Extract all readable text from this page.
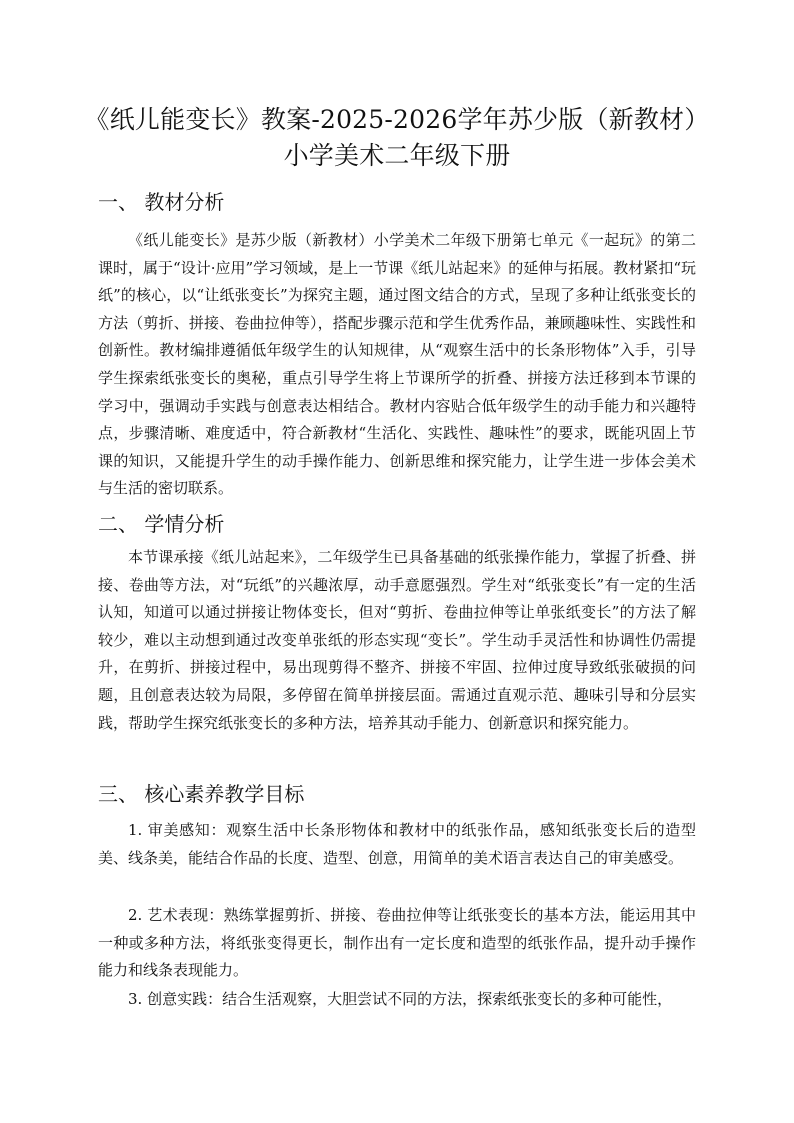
《纸儿能变长》教案-2025-2026学年苏少版（新教材）小学美术二年级下册
一、 教材分析

《纸儿能变长》是苏少版（新教材）小学美术二年级下册第七单元《一起玩》的第二课时，属于“设计·应用”学习领域，是上一节课《纸儿站起来》的延伸与拓展。教材紧扣“玩纸”的核心，以“让纸张变长”为探究主题，通过图文结合的方式，呈现了多种让纸张变长的方法（剪折、拼接、卷曲拉伸等），搭配步骤示范和学生优秀作品，兼顾趣味性、实践性和创新性。教材编排遵循低年级学生的认知规律，从“观察生活中的长条形物体”入手，引导学生探索纸张变长的奥秘，重点引导学生将上节课所学的折叠、拼接方法迁移到本节课的学习中，强调动手实践与创意表达相结合。教材内容贴合低年级学生的动手能力和兴趣特点，步骤清晰、难度适中，符合新教材“生活化、实践性、趣味性”的要求，既能巩固上节课的知识，又能提升学生的动手操作能力、创新思维和探究能力，让学生进一步体会美术与生活的密切联系。

二、 学情分析

本节课承接《纸儿站起来》，二年级学生已具备基础的纸张操作能力，掌握了折叠、拼接、卷曲等方法，对“玩纸”的兴趣浓厚，动手意愿强烈。学生对“纸张变长”有一定的生活认知，知道可以通过拼接让物体变长，但对“剪折、卷曲拉伸等让单张纸变长”的方法了解较少，难以主动想到通过改变单张纸的形态实现“变长”。学生动手灵活性和协调性仍需提升，在剪折、拼接过程中，易出现剪得不整齐、拼接不牢固、拉伸过度导致纸张破损的问题，且创意表达较为局限，多停留在简单拼接层面。需通过直观示范、趣味引导和分层实践，帮助学生探究纸张变长的多种方法，培养其动手能力、创新意识和探究能力。

三、 核心素养教学目标

1. 审美感知：观察生活中长条形物体和教材中的纸张作品，感知纸张变长后的造型美、线条美，能结合作品的长度、造型、创意，用简单的美术语言表达自己的审美感受。

2. 艺术表现：熟练掌握剪折、拼接、卷曲拉伸等让纸张变长的基本方法，能运用其中一种或多种方法，将纸张变得更长，制作出有一定长度和造型的纸张作品，提升动手操作能力和线条表现能力。

3. 创意实践：结合生活观察，大胆尝试不同的方法，探索纸张变长的多种可能性，
